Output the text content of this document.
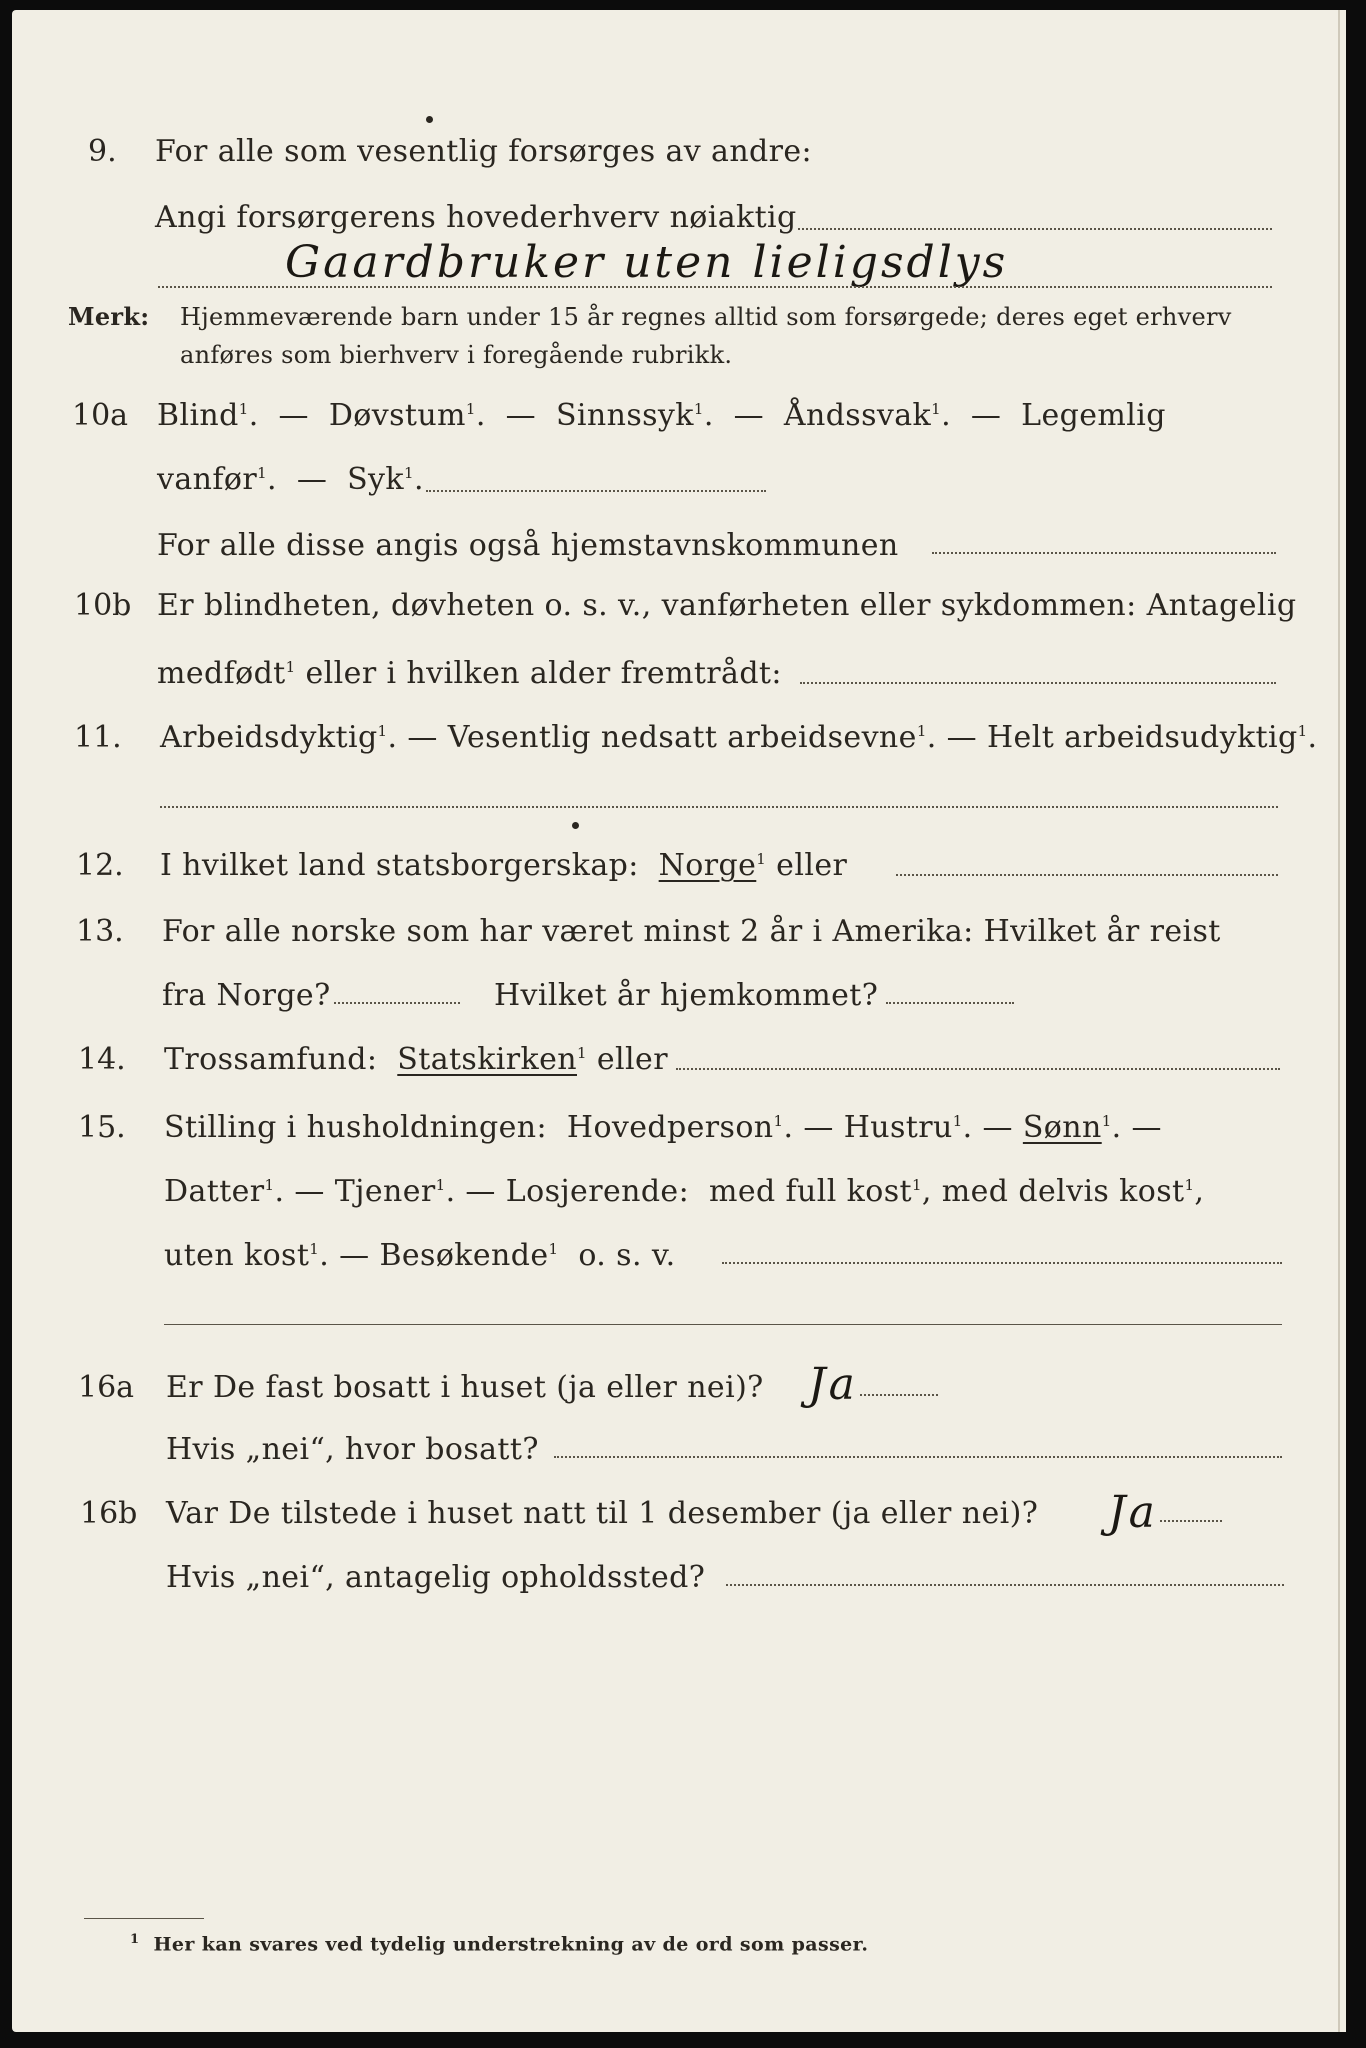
9. For alle som vesentlig forsørges av andre:
Angi forsørgerens hovederhverv nøiaktig
Gaardbruker uten lieligsdlys
Merk: Hjemmeværende barn under 15 år regnes alltid som forsørgede; deres eget erhverv
anføres som bierhverv i foregående rubrikk.
10a Blind$^1$.  —  Døvstum$^1$.  —  Sinnssyk$^1$.  —  Åndssvak$^1$.  —  Legemlig
vanfør$^1$.  —  Syk$^1$.
For alle disse angis også hjemstavnskommunen
10b Er blindheten, døvheten o. s. v., vanførheten eller sykdommen: Antagelig
medfødt$^1$ eller i hvilken alder fremtrådt:
11. Arbeidsdyktig$^1$. — Vesentlig nedsatt arbeidsevne$^1$. — Helt arbeidsudyktig$^1$.
12. I hvilket land statsborgerskap: Norge$^1$ eller
13. For alle norske som har været minst 2 år i Amerika: Hvilket år reist
fra Norge?	Hvilket år hjemkommet?
14. Trossamfund: Statskirken$^1$ eller
15. Stilling i husholdningen: Hovedperson$^1$. — Hustru$^1$. — Sønn$^1$. —
Datter$^1$. — Tjener$^1$. — Losjerende: med full kost$^1$, med delvis kost$^1$,
uten kost$^1$. — Besøkende$^1$ o. s. v.
16a Er De fast bosatt i huset (ja eller nei)? Ja
Hvis „nei“, hvor bosatt?
16b Var De tilstede i huset natt til 1 desember (ja eller nei)? Ja
Hvis „nei“, antagelig opholdssted?
$^1$ Her kan svares ved tydelig understrekning av de ord som passer.
